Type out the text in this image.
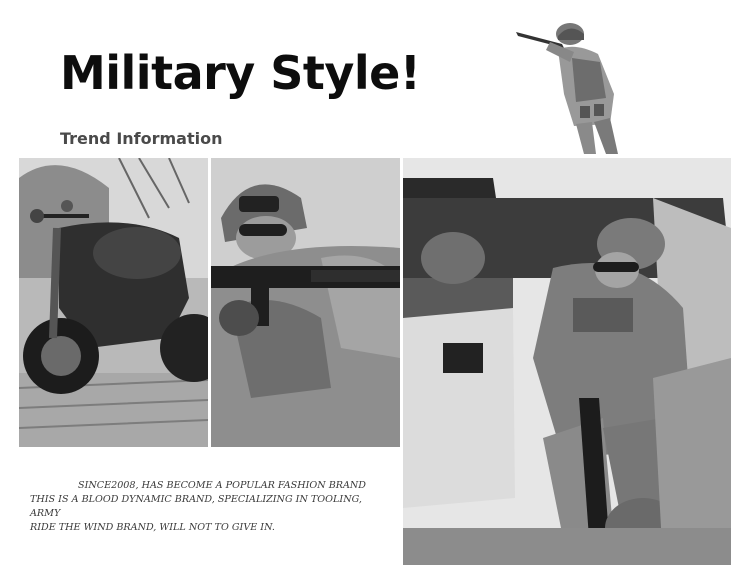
Military Style!
Trend Information

SINCE2008, HAS BECOME A POPULAR FASHION BRAND
THIS IS A BLOOD DYNAMIC BRAND, SPECIALIZING IN TOOLING, ARMY
RIDE THE WIND BRAND, WILL NOT TO GIVE IN.
